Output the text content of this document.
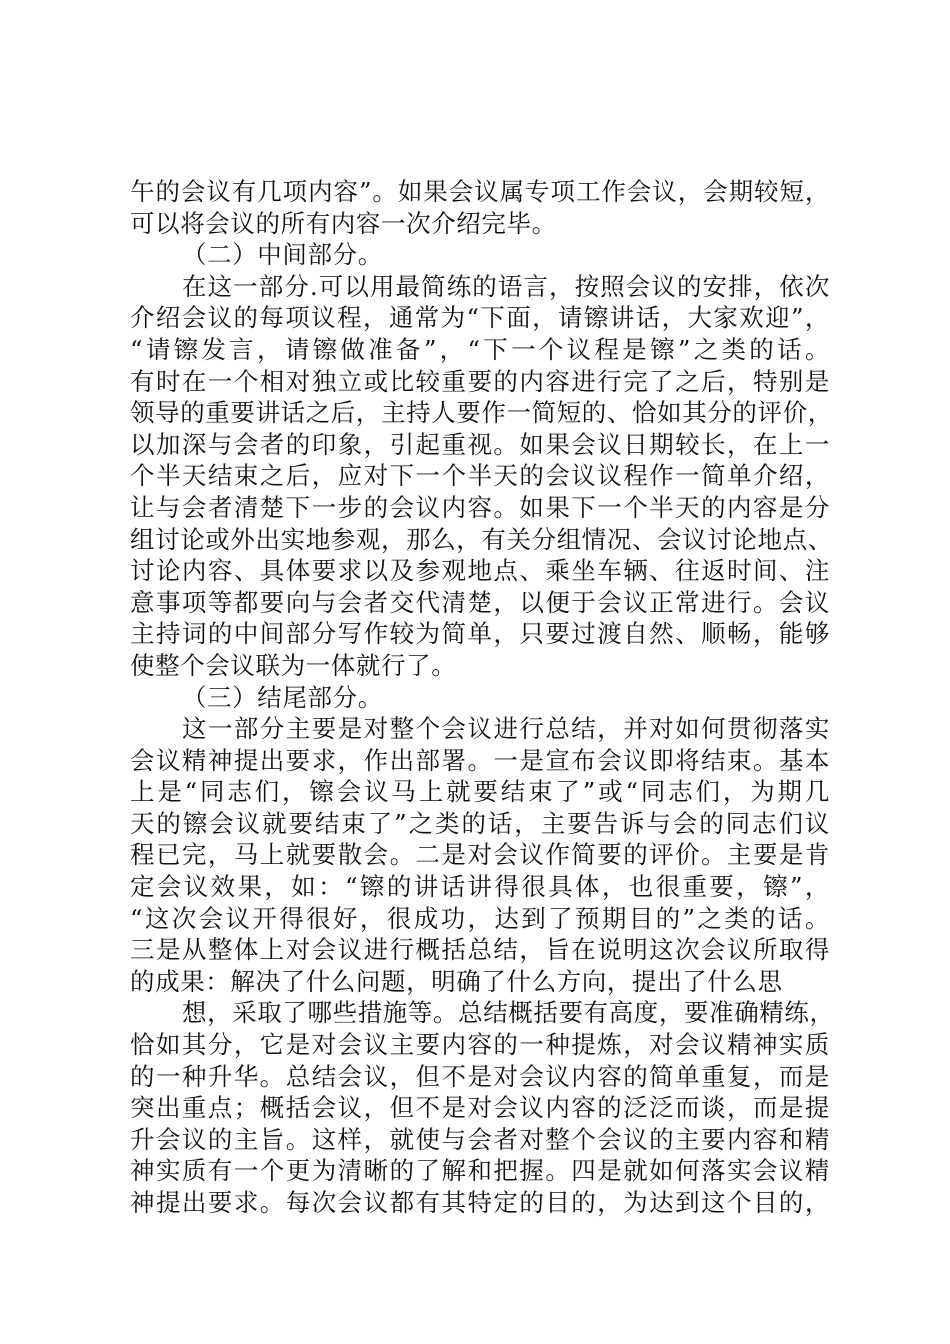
午的会议有几项内容”。如果会议属专项工作会议，会期较短，
可以将会议的所有内容一次介绍完毕。
（二）中间部分。
在这一部分.可以用最简练的语言，按照会议的安排，依次
介绍会议的每项议程，通常为“下面，请镲讲话，大家欢迎”，
“请镲发言，请镲做准备”，“下一个议程是镲”之类的话。
有时在一个相对独立或比较重要的内容进行完了之后，特别是
领导的重要讲话之后，主持人要作一简短的、恰如其分的评价，
以加深与会者的印象，引起重视。如果会议日期较长，在上一
个半天结束之后，应对下一个半天的会议议程作一简单介绍，
让与会者清楚下一步的会议内容。如果下一个半天的内容是分
组讨论或外出实地参观，那么，有关分组情况、会议讨论地点、
讨论内容、具体要求以及参观地点、乘坐车辆、往返时间、注
意事项等都要向与会者交代清楚，以便于会议正常进行。会议
主持词的中间部分写作较为简单，只要过渡自然、顺畅，能够
使整个会议联为一体就行了。
（三）结尾部分。
这一部分主要是对整个会议进行总结，并对如何贯彻落实
会议精神提出要求，作出部署。一是宣布会议即将结束。基本
上是“同志们，镲会议马上就要结束了”或“同志们，为期几
天的镲会议就要结束了”之类的话，主要告诉与会的同志们议
程已完，马上就要散会。二是对会议作简要的评价。主要是肯
定会议效果，如：“镲的讲话讲得很具体，也很重要，镲”，
“这次会议开得很好，很成功，达到了预期目的”之类的话。
三是从整体上对会议进行概括总结，旨在说明这次会议所取得
的成果：解决了什么问题，明确了什么方向，提出了什么思
想，采取了哪些措施等。总结概括要有高度，要准确精练，
恰如其分，它是对会议主要内容的一种提炼，对会议精神实质
的一种升华。总结会议，但不是对会议内容的简单重复，而是
突出重点；概括会议，但不是对会议内容的泛泛而谈，而是提
升会议的主旨。这样，就使与会者对整个会议的主要内容和精
神实质有一个更为清晰的了解和把握。四是就如何落实会议精
神提出要求。每次会议都有其特定的目的，为达到这个目的，
